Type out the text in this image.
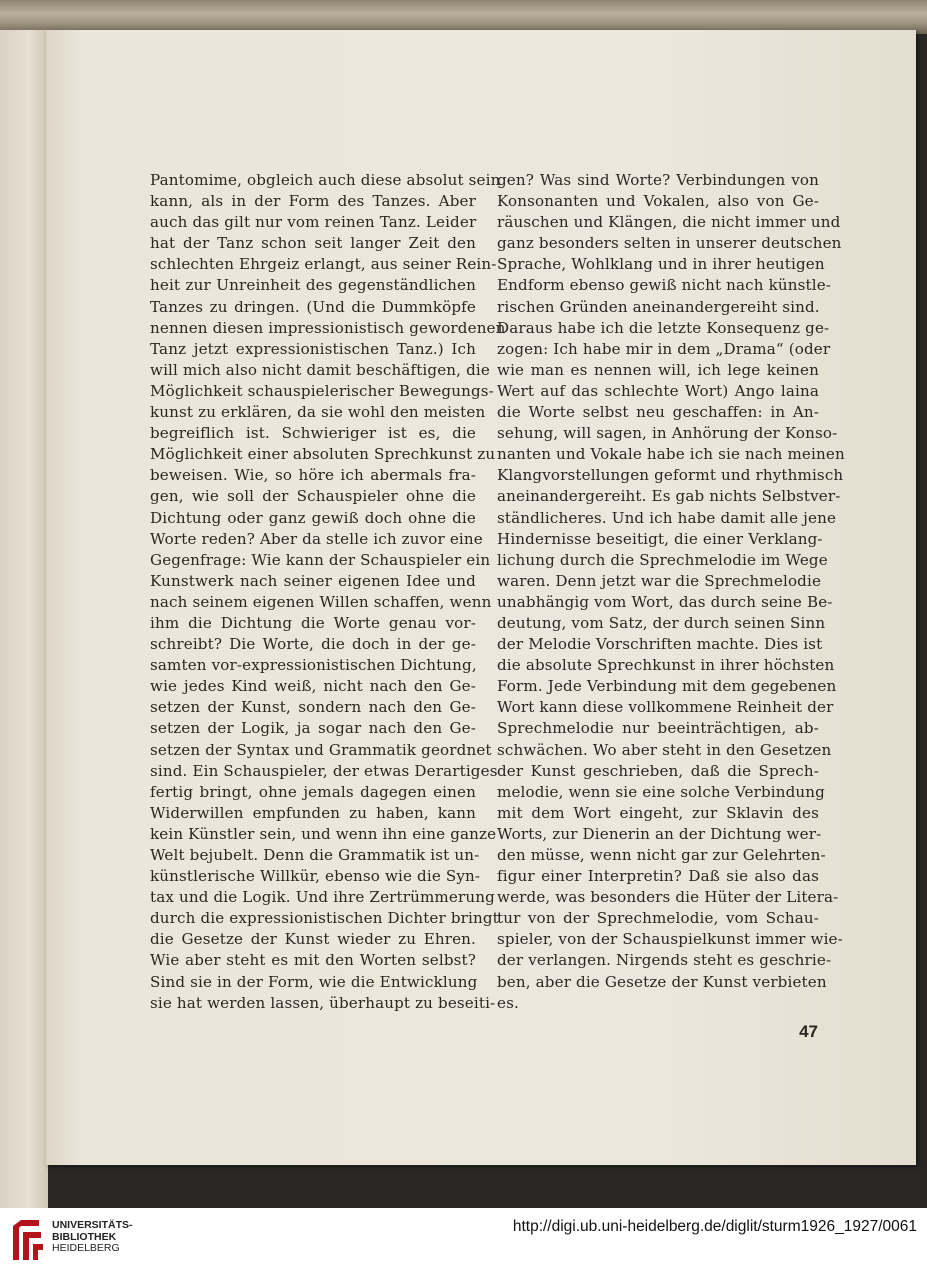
Pantomime, obgleich auch diese absolut sein
kann, als in der Form des Tanzes. Aber
auch das gilt nur vom reinen Tanz. Leider
hat der Tanz schon seit langer Zeit den
schlechten Ehrgeiz erlangt, aus seiner Rein-
heit zur Unreinheit des gegenständlichen
Tanzes zu dringen. (Und die Dummköpfe
nennen diesen impressionistisch gewordenen
Tanz jetzt expressionistischen Tanz.) Ich
will mich also nicht damit beschäftigen, die
Möglichkeit schauspielerischer Bewegungs-
kunst zu erklären, da sie wohl den meisten
begreiflich ist. Schwieriger ist es, die
Möglichkeit einer absoluten Sprechkunst zu
beweisen. Wie, so höre ich abermals fra-
gen, wie soll der Schauspieler ohne die
Dichtung oder ganz gewiß doch ohne die
Worte reden? Aber da stelle ich zuvor eine
Gegenfrage: Wie kann der Schauspieler ein
Kunstwerk nach seiner eigenen Idee und
nach seinem eigenen Willen schaffen, wenn
ihm die Dichtung die Worte genau vor-
schreibt? Die Worte, die doch in der ge-
samten vor-expressionistischen Dichtung,
wie jedes Kind weiß, nicht nach den Ge-
setzen der Kunst, sondern nach den Ge-
setzen der Logik, ja sogar nach den Ge-
setzen der Syntax und Grammatik geordnet
sind. Ein Schauspieler, der etwas Derartiges
fertig bringt, ohne jemals dagegen einen
Widerwillen empfunden zu haben, kann
kein Künstler sein, und wenn ihn eine ganze
Welt bejubelt. Denn die Grammatik ist un-
künstlerische Willkür, ebenso wie die Syn-
tax und die Logik. Und ihre Zertrümmerung
durch die expressionistischen Dichter bringt
die Gesetze der Kunst wieder zu Ehren.
Wie aber steht es mit den Worten selbst?
Sind sie in der Form, wie die Entwicklung
sie hat werden lassen, überhaupt zu beseiti-
gen? Was sind Worte? Verbindungen von
Konsonanten und Vokalen, also von Ge-
räuschen und Klängen, die nicht immer und
ganz besonders selten in unserer deutschen
Sprache, Wohlklang und in ihrer heutigen
Endform ebenso gewiß nicht nach künstle-
rischen Gründen aneinandergereiht sind.
Daraus habe ich die letzte Konsequenz ge-
zogen: Ich habe mir in dem „Drama“ (oder
wie man es nennen will, ich lege keinen
Wert auf das schlechte Wort) Ango laina
die Worte selbst neu geschaffen: in An-
sehung, will sagen, in Anhörung der Konso-
nanten und Vokale habe ich sie nach meinen
Klangvorstellungen geformt und rhythmisch
aneinandergereiht. Es gab nichts Selbstver-
ständlicheres. Und ich habe damit alle jene
Hindernisse beseitigt, die einer Verklang-
lichung durch die Sprechmelodie im Wege
waren. Denn jetzt war die Sprechmelodie
unabhängig vom Wort, das durch seine Be-
deutung, vom Satz, der durch seinen Sinn
der Melodie Vorschriften machte. Dies ist
die absolute Sprechkunst in ihrer höchsten
Form. Jede Verbindung mit dem gegebenen
Wort kann diese vollkommene Reinheit der
Sprechmelodie nur beeinträchtigen, ab-
schwächen. Wo aber steht in den Gesetzen
der Kunst geschrieben, daß die Sprech-
melodie, wenn sie eine solche Verbindung
mit dem Wort eingeht, zur Sklavin des
Worts, zur Dienerin an der Dichtung wer-
den müsse, wenn nicht gar zur Gelehrten-
figur einer Interpretin? Daß sie also das
werde, was besonders die Hüter der Litera-
tur von der Sprechmelodie, vom Schau-
spieler, von der Schauspielkunst immer wie-
der verlangen. Nirgends steht es geschrie-
ben, aber die Gesetze der Kunst verbieten
es.
47
UNIVERSITÄTS-
BIBLIOTHEK
HEIDELBERG
http://digi.ub.uni-heidelberg.de/diglit/sturm1926_1927/0061
